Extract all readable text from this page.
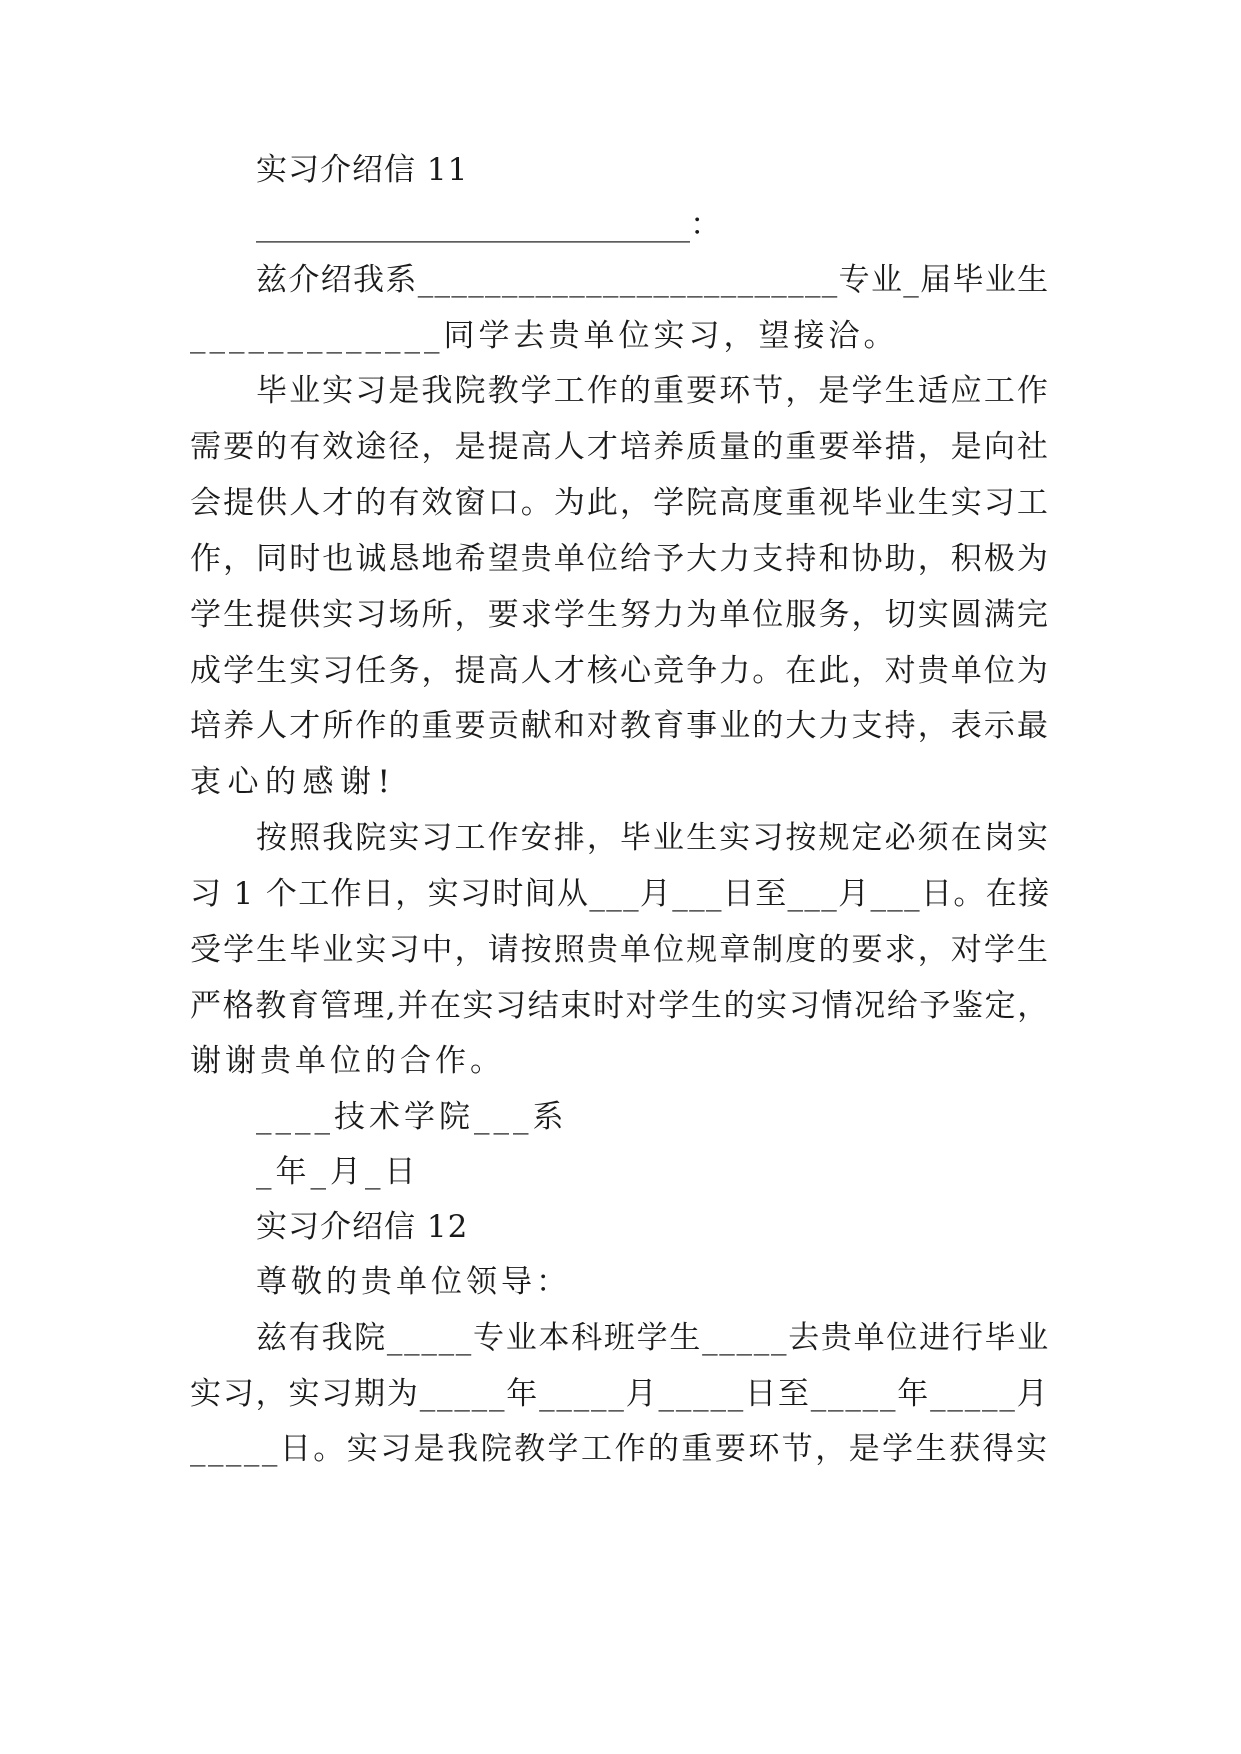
实习介绍信 11
____________________________：
兹介绍我系_________________________专业_届毕业生
_____________同学去贵单位实习，望接洽。
毕业实习是我院教学工作的重要环节，是学生适应工作
需要的有效途径，是提高人才培养质量的重要举措，是向社
会提供人才的有效窗口。为此，学院高度重视毕业生实习工
作，同时也诚恳地希望贵单位给予大力支持和协助，积极为
学生提供实习场所，要求学生努力为单位服务，切实圆满完
成学生实习任务，提高人才核心竞争力。在此，对贵单位为
培养人才所作的重要贡献和对教育事业的大力支持，表示最
衷心的感谢!
按照我院实习工作安排，毕业生实习按规定必须在岗实
习 1 个工作日，实习时间从___月___日至___月___日。在接
受学生毕业实习中，请按照贵单位规章制度的要求，对学生
严格教育管理,并在实习结束时对学生的实习情况给予鉴定，
谢谢贵单位的合作。
____技术学院___系
_年_月_日
实习介绍信 12
尊敬的贵单位领导：
兹有我院_____专业本科班学生_____去贵单位进行毕业
实习，实习期为_____年_____月_____日至_____年_____月
_____日。实习是我院教学工作的重要环节，是学生获得实
